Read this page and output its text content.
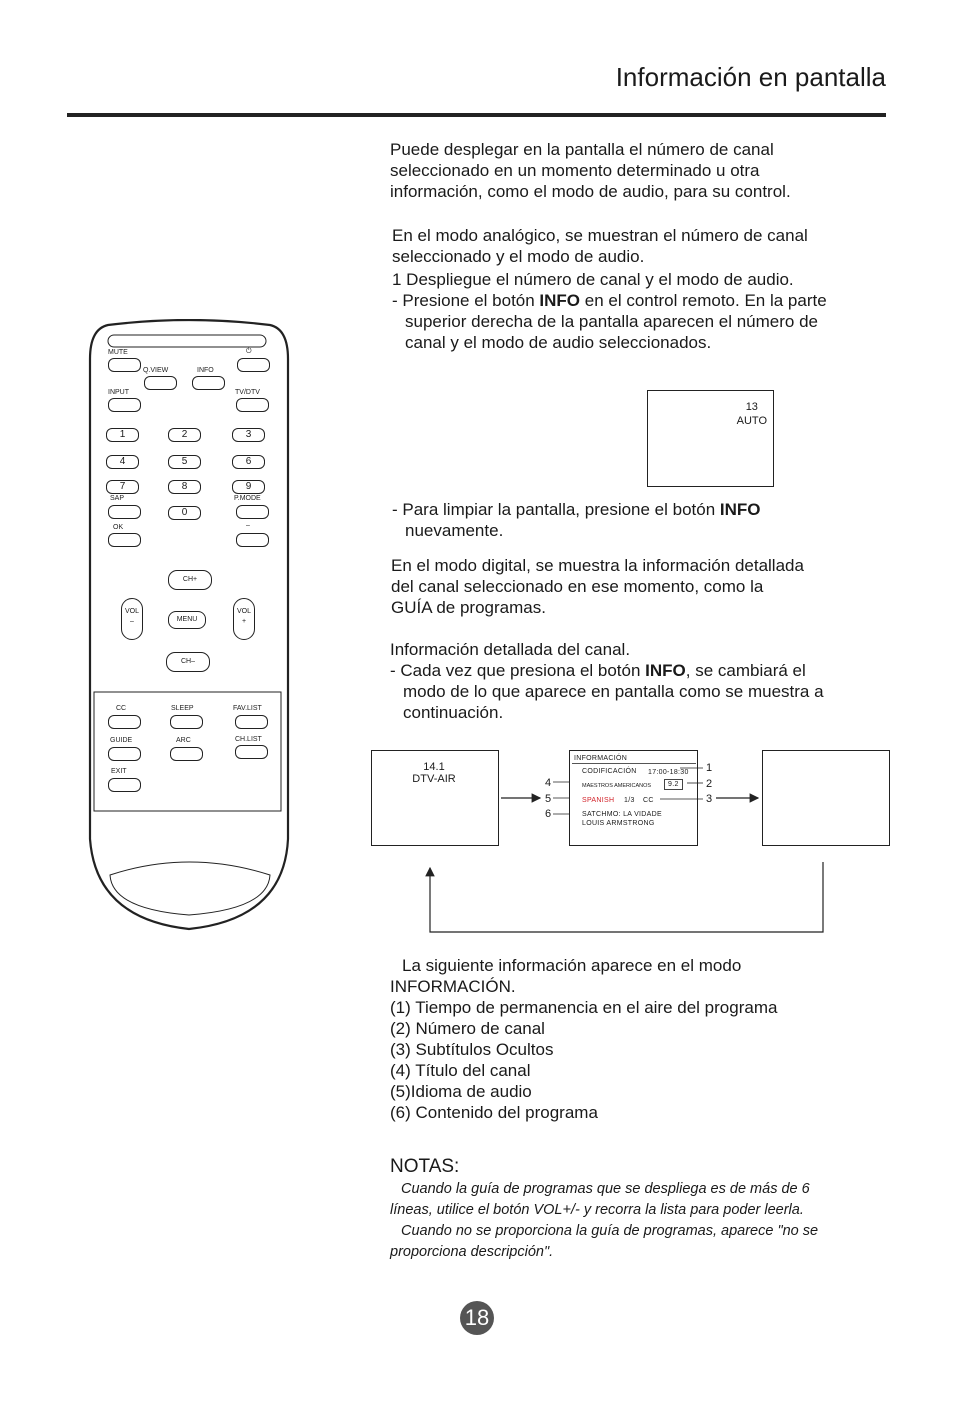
Información en pantalla
Puede desplegar en la pantalla el número de canal
seleccionado en un momento determinado u otra
información, como el modo de audio, para su control.
En el modo analógico, se muestran el número de canal
seleccionado y el modo de audio.
1 Despliegue el número de canal y el modo de audio.
- Presione el botón INFO en el control remoto. En la parte
superior derecha de la pantalla aparecen el número de
canal y el modo de audio seleccionados.
13
AUTO
- Para limpiar la pantalla, presione el botón INFO
nuevamente.
En el modo digital, se muestra la información detallada
del canal seleccionado en ese momento, como la
GUÍA de programas.
Información detallada del canal.
- Cada vez que presiona el botón INFO, se cambiará el
modo de lo que aparece en pantalla como se muestra a
continuación.
14.1
DTV-AIR
INFORMACIÓN
CODIFICACIÓN 17:00-18:30
MAESTROS AMERICANOS	9.2
SPANISH 1/3 CC
SATCHMO: LA VIDADE
LOUIS ARMSTRONG
4
5
6
1
2
3
La siguiente información aparece en el modo
INFORMACIÓN.
(1) Tiempo de permanencia en el aire del programa
(2) Número de canal
(3) Subtítulos Ocultos
(4) Título del canal
(5)Idioma de audio
(6) Contenido del programa
NOTAS:
Cuando la guía de programas que se despliega es de más de 6
líneas, utilice el botón VOL+/- y recorra la lista para poder leerla.
Cuando no se proporciona la guía de programas, aparece "no se
proporciona descripción".
18
MUTE	⏻
Q.VIEW	INFO
INPUT	TV/DTV
1	2	3
4	5	6
7	8	9
SAP
0
P.MODE
OK	–
CH+
MENU
CH–
VOL
–
VOL
+
CC	SLEEP	FAV.LIST
GUIDE	ARC	CH.LIST
EXIT
